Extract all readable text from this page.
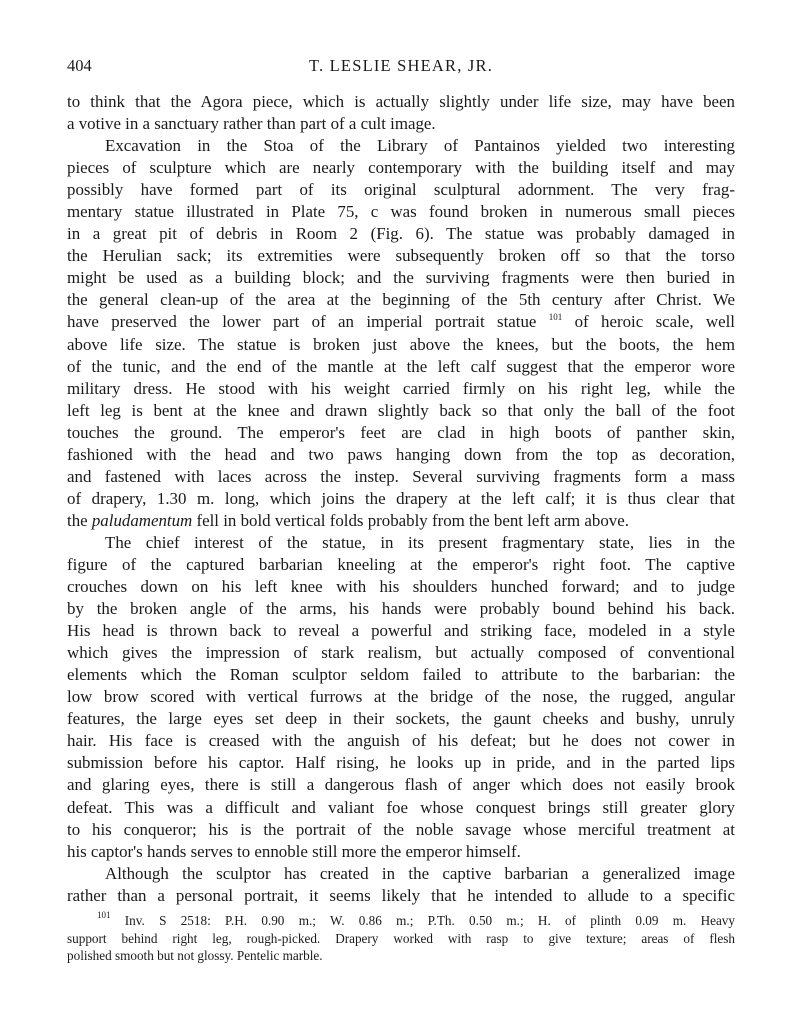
404	T. LESLIE SHEAR, JR.
to think that the Agora piece, which is actually slightly under life size, may have been
a votive in a sanctuary rather than part of a cult image.
Excavation in the Stoa of the Library of Pantainos yielded two interesting
pieces of sculpture which are nearly contemporary with the building itself and may
possibly have formed part of its original sculptural adornment. The very frag-
mentary statue illustrated in Plate 75, c was found broken in numerous small pieces
in a great pit of debris in Room 2 (Fig. 6). The statue was probably damaged in
the Herulian sack; its extremities were subsequently broken off so that the torso
might be used as a building block; and the surviving fragments were then buried in
the general clean-up of the area at the beginning of the 5th century after Christ. We
have preserved the lower part of an imperial portrait statue $^{101}$ of heroic scale, well
above life size. The statue is broken just above the knees, but the boots, the hem
of the tunic, and the end of the mantle at the left calf suggest that the emperor wore
military dress. He stood with his weight carried firmly on his right leg, while the
left leg is bent at the knee and drawn slightly back so that only the ball of the foot
touches the ground. The emperor's feet are clad in high boots of panther skin,
fashioned with the head and two paws hanging down from the top as decoration,
and fastened with laces across the instep. Several surviving fragments form a mass
of drapery, 1.30 m. long, which joins the drapery at the left calf; it is thus clear that
the paludamentum fell in bold vertical folds probably from the bent left arm above.
The chief interest of the statue, in its present fragmentary state, lies in the
figure of the captured barbarian kneeling at the emperor's right foot. The captive
crouches down on his left knee with his shoulders hunched forward; and to judge
by the broken angle of the arms, his hands were probably bound behind his back.
His head is thrown back to reveal a powerful and striking face, modeled in a style
which gives the impression of stark realism, but actually composed of conventional
elements which the Roman sculptor seldom failed to attribute to the barbarian: the
low brow scored with vertical furrows at the bridge of the nose, the rugged, angular
features, the large eyes set deep in their sockets, the gaunt cheeks and bushy, unruly
hair. His face is creased with the anguish of his defeat; but he does not cower in
submission before his captor. Half rising, he looks up in pride, and in the parted lips
and glaring eyes, there is still a dangerous flash of anger which does not easily brook
defeat. This was a difficult and valiant foe whose conquest brings still greater glory
to his conqueror; his is the portrait of the noble savage whose merciful treatment at
his captor's hands serves to ennoble still more the emperor himself.
Although the sculptor has created in the captive barbarian a generalized image
rather than a personal portrait, it seems likely that he intended to allude to a specific
$^{101}$ Inv. S 2518: P.H. 0.90 m.; W. 0.86 m.; P.Th. 0.50 m.; H. of plinth 0.09 m. Heavy
support behind right leg, rough-picked. Drapery worked with rasp to give texture; areas of flesh
polished smooth but not glossy. Pentelic marble.
